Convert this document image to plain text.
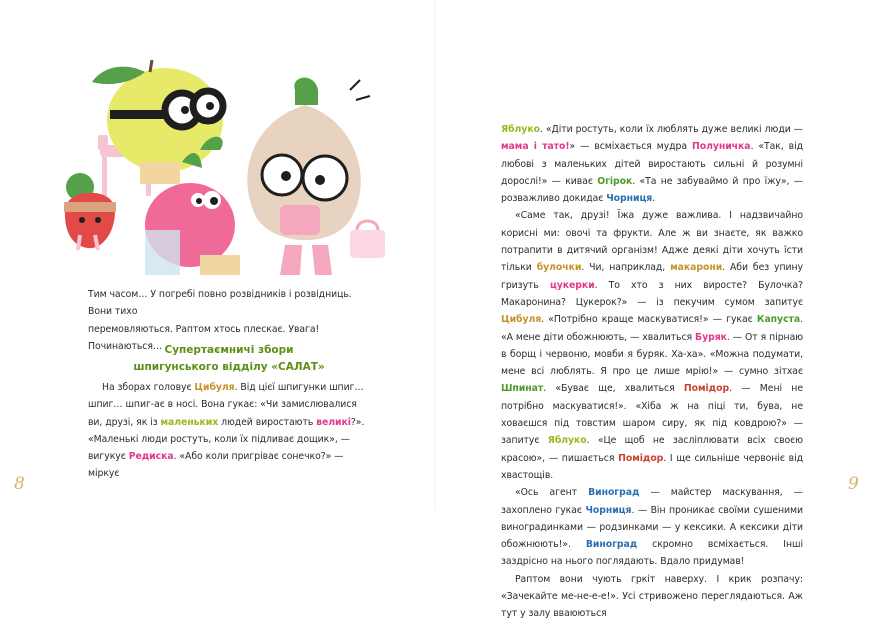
Тим часом… У погребі повно розвідників і розвідниць. Вони тихо

перемовляються. Раптом хтось плескає. Увага! Починаються… Супертаємничі збори
шпигунського відділу «САЛАТ»

На зборах головує Цибуля. Від цієї шпигунки шпиг… шпиг… шпиг-ає в носі. Вона гукає: «Чи замислювалися ви, друзі, як із маленьких людей виростають великі?». «Маленькі люди ростуть, коли їх підливає дощик», — вигукує Редиска. «Або коли пригріває сонечко?» — міркує

8

Яблуко. «Діти ростуть, коли їх люблять дуже великі люди — мама і тато!» — всміхається мудра Полуничка. «Так, від любові з маленьких дітей виростають сильні й розумні дорослі!» — киває Огірок. «Та не забуваймо й про їжу», — розважливо докидає Чорниця.

«Саме так, друзі! Їжа дуже важлива. І надзвичайно корисні ми: овочі та фрукти. Але ж ви знаєте, як важко потрапити в дитячий організм! Адже деякі діти хочуть їсти тільки булочки. Чи, наприклад, макарони. Аби без упину гризуть цукерки. То хто з них виросте? Булочка? Макаронина? Цукерок?» — із пекучим сумом запитує Цибуля. «Потрібно краще маскуватися!» — гукає Капуста. «А мене діти обожнюють, — хвалиться Буряк. — От я пірнаю в борщ і червоню, мовби я буряк. Ха-ха». «Можна подумати, мене всі люблять. Я про це лише мрію!» — сумно зітхає Шпинат. «Буває ще, хвалиться Помідор. — Мені не потрібно маскуватися!». «Хіба ж на піці ти, бува, не ховаєшся під товстим шаром сиру, як під ковдрою?» — запитує Яблуко. «Це щоб не засліплювати всіх своєю красою», — пишається Помідор. І ще сильніше червоніє від хвастощів.

«Ось агент Виноград — майстер маскування, — захоплено гукає Чорниця. — Він проникає своїми сушеними виноградинками — родзинками — у кексики. А кексики діти обожнюють!». Виноград скромно всміхається. Інші заздрісно на нього поглядають. Вдало придумав!

Раптом вони чують гркіт наверху. І крик розпачу: «Зачекайте ме-не-е-е!». Усі стривожено переглядаються. Аж тут у залу вваюються

9
